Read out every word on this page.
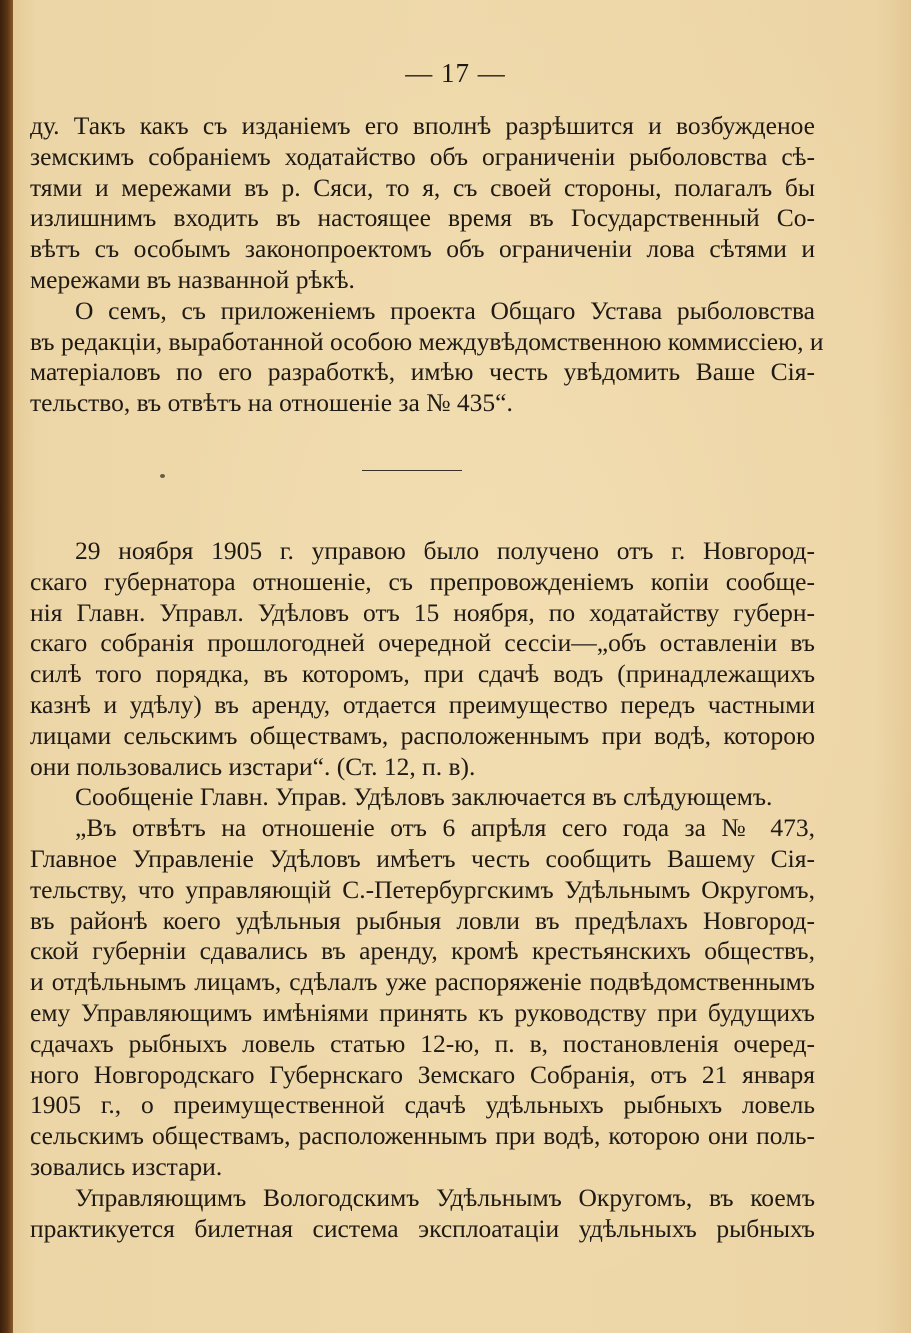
— 17 —
ду. Такъ какъ съ изданіемъ его вполнѣ разрѣшится и возбужденое
земскимъ собраніемъ ходатайство объ ограниченіи рыболовства сѣ-
тями и мережами въ р. Сяси, то я, съ своей стороны, полагалъ бы
излишнимъ входить въ настоящее время въ Государственный Со-
вѣтъ съ особымъ законопроектомъ объ ограниченіи лова сѣтями и
мережами въ названной рѣкѣ.
О семъ, съ приложеніемъ проекта Общаго Устава рыболовства
въ редакціи, выработанной особою междувѣдомственною коммиссіею, и
матеріаловъ по его разработкѣ, имѣю честь увѣдомить Ваше Сія-
тельство, въ отвѣтъ на отношеніе за № 435“.
29 ноября 1905 г. управою было получено отъ г. Новгород-
скаго губернатора отношеніе, съ препровожденіемъ копіи сообще-
нія Главн. Управл. Удѣловъ отъ 15 ноября, по ходатайству губерн-
скаго собранія прошлогодней очередной сессіи—„объ оставленіи въ
силѣ того порядка, въ которомъ, при сдачѣ водъ (принадлежащихъ
казнѣ и удѣлу) въ аренду, отдается преимущество передъ частными
лицами сельскимъ обществамъ, расположеннымъ при водѣ, которою
они пользовались изстари“. (Ст. 12, п. в).
Сообщеніе Главн. Управ. Удѣловъ заключается въ слѣдующемъ.
„Въ отвѣтъ на отношеніе отъ 6 апрѣля сего года за № 473,
Главное Управленіе Удѣловъ имѣетъ честь сообщить Вашему Сія-
тельству, что управляющій С.-Петербургскимъ Удѣльнымъ Округомъ,
въ районѣ коего удѣльныя рыбныя ловли въ предѣлахъ Новгород-
ской губерніи сдавались въ аренду, кромѣ крестьянскихъ обществъ,
и отдѣльнымъ лицамъ, сдѣлалъ уже распоряженіе подвѣдомственнымъ
ему Управляющимъ имѣніями принять къ руководству при будущихъ
сдачахъ рыбныхъ ловель статью 12-ю, п. в, постановленія очеред-
ного Новгородскаго Губернскаго Земскаго Собранія, отъ 21 января
1905 г., о преимущественной сдачѣ удѣльныхъ рыбныхъ ловель
сельскимъ обществамъ, расположеннымъ при водѣ, которою они поль-
зовались изстари.
Управляющимъ Вологодскимъ Удѣльнымъ Округомъ, въ коемъ
практикуется билетная система эксплоатаціи удѣльныхъ рыбныхъ
